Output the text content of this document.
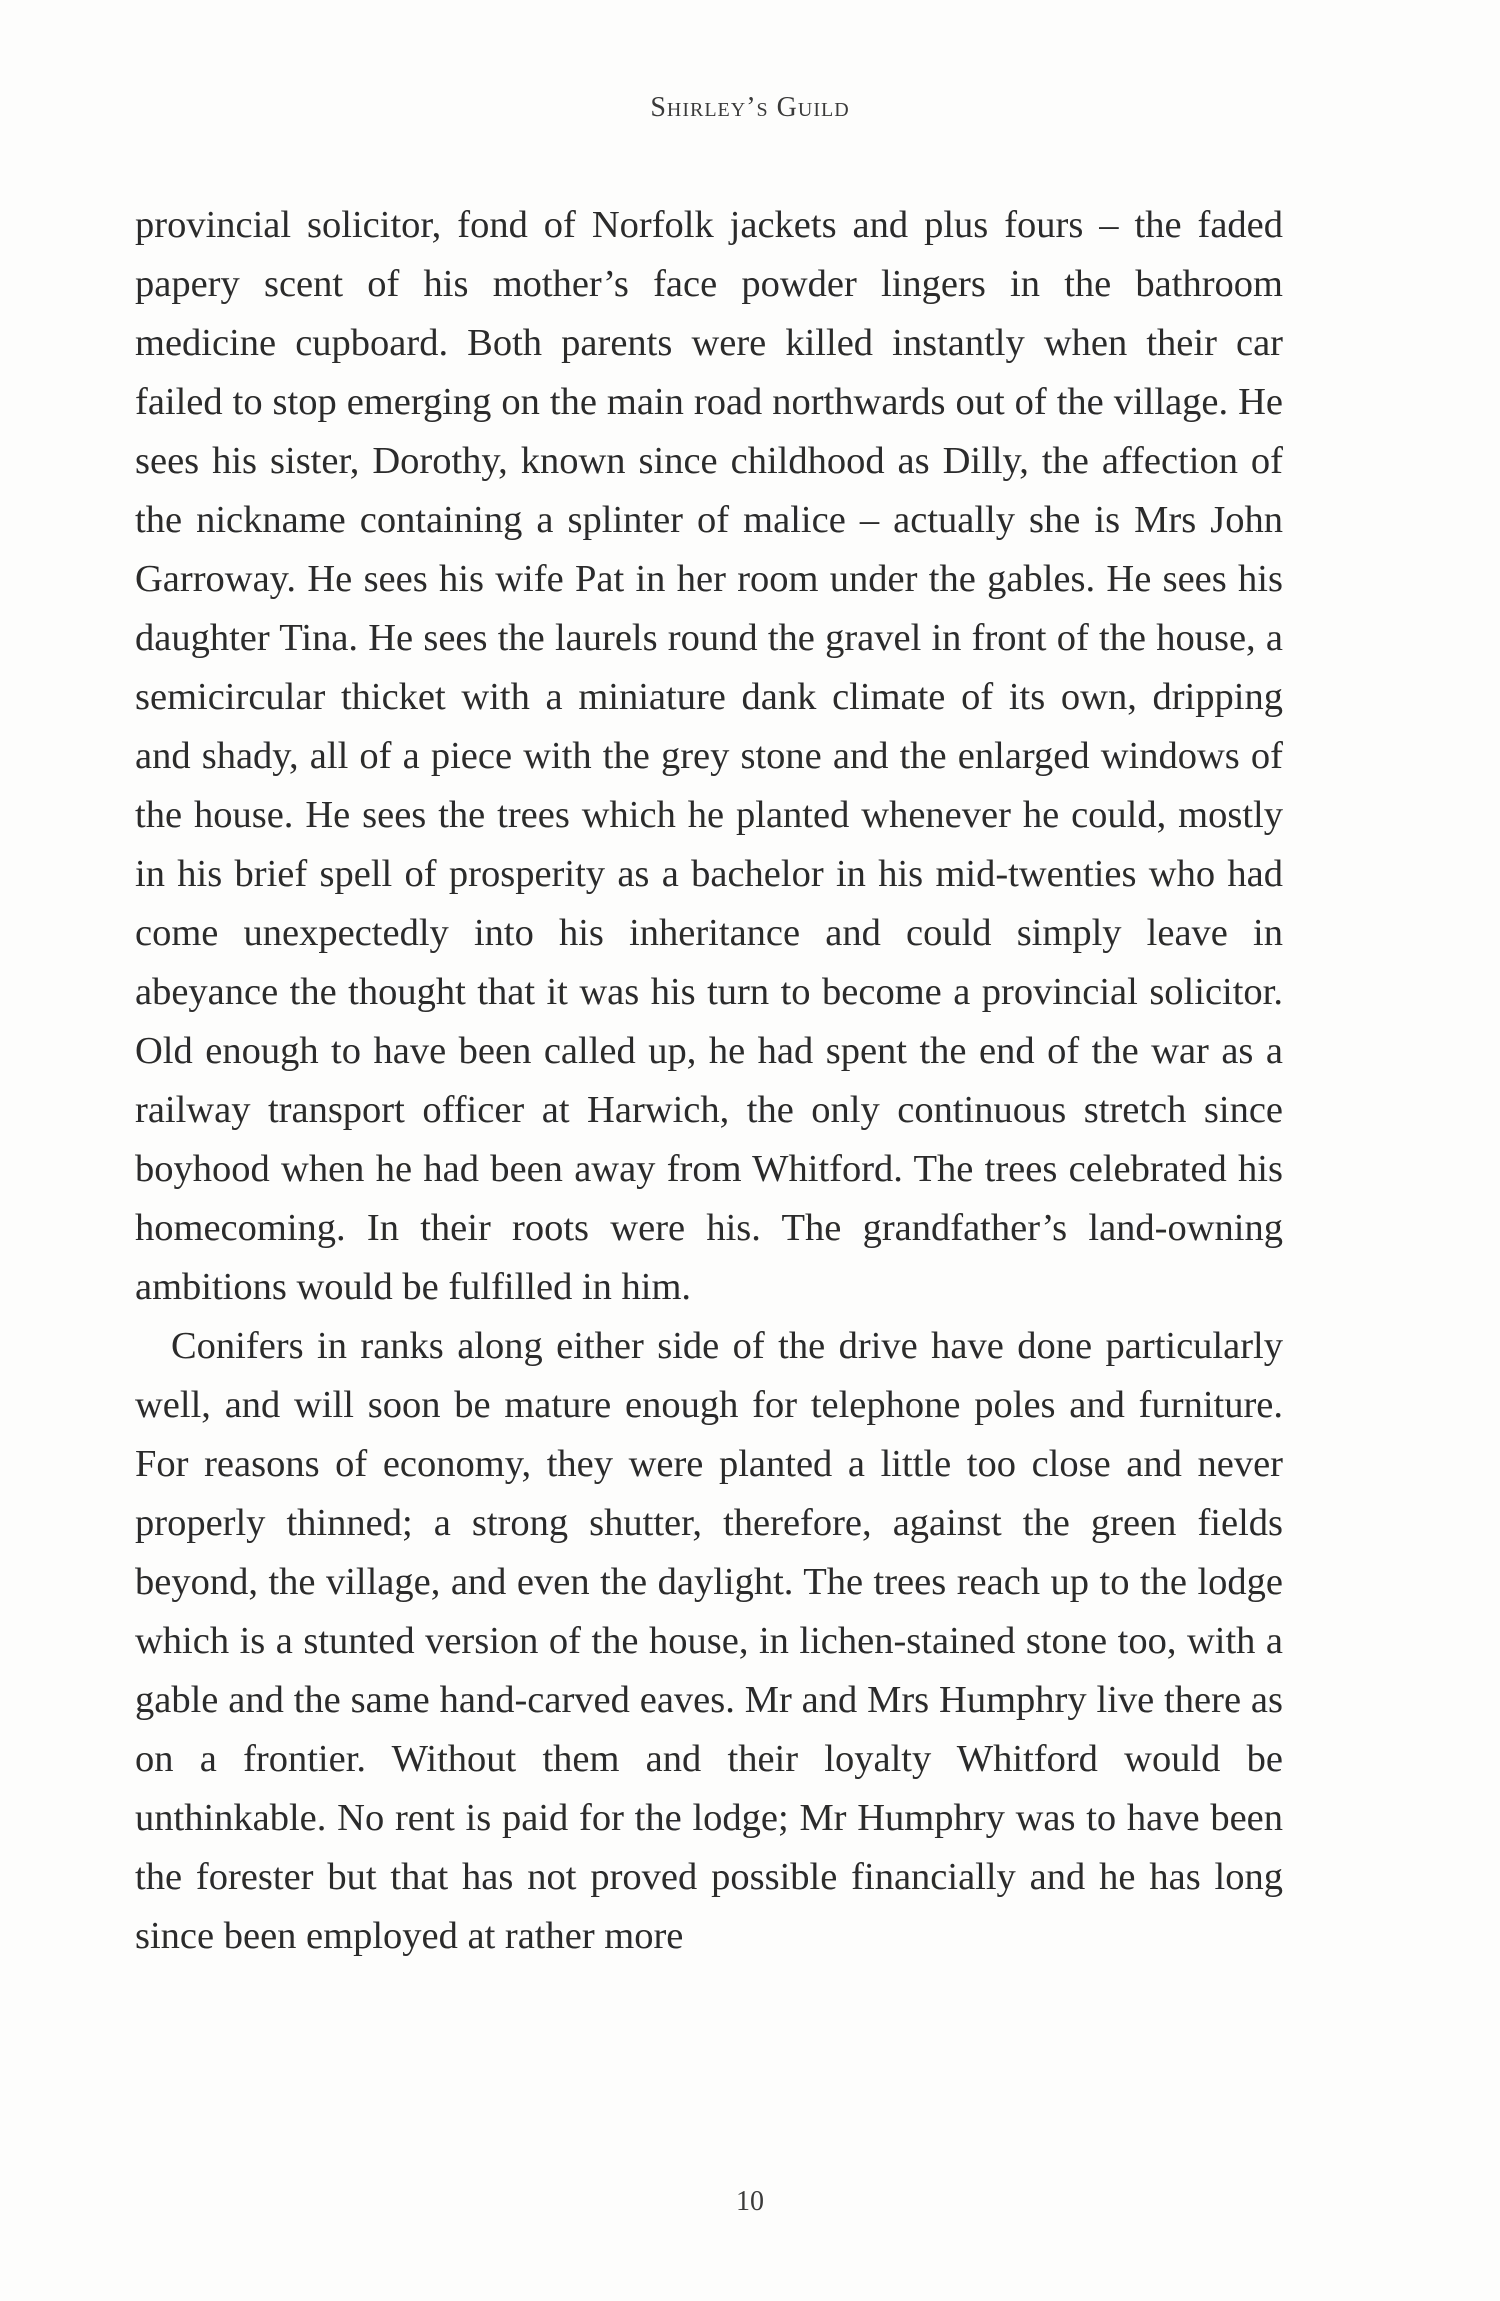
Shirley’s Guild

provincial solicitor, fond of Norfolk jackets and plus fours – the faded papery scent of his mother’s face powder lingers in the bathroom medicine cupboard. Both parents were killed instantly when their car failed to stop emerging on the main road northwards out of the village. He sees his sister, Dorothy, known since childhood as Dilly, the affection of the nickname containing a splinter of malice – actually she is Mrs John Garroway. He sees his wife Pat in her room under the gables. He sees his daughter Tina. He sees the laurels round the gravel in front of the house, a semicircular thicket with a miniature dank climate of its own, dripping and shady, all of a piece with the grey stone and the enlarged windows of the house. He sees the trees which he planted whenever he could, mostly in his brief spell of prosperity as a bachelor in his mid-twenties who had come unexpectedly into his inheritance and could simply leave in abeyance the thought that it was his turn to become a provincial solicitor. Old enough to have been called up, he had spent the end of the war as a railway transport officer at Harwich, the only continuous stretch since boyhood when he had been away from Whitford. The trees celebrated his homecoming. In their roots were his. The grandfather’s land-owning ambitions would be fulfilled in him.

Conifers in ranks along either side of the drive have done particularly well, and will soon be mature enough for telephone poles and furniture. For reasons of economy, they were planted a little too close and never properly thinned; a strong shutter, therefore, against the green fields beyond, the village, and even the daylight. The trees reach up to the lodge which is a stunted version of the house, in lichen-stained stone too, with a gable and the same hand-carved eaves. Mr and Mrs Humphry live there as on a frontier. Without them and their loyalty Whitford would be unthinkable. No rent is paid for the lodge; Mr Humphry was to have been the forester but that has not proved possible financially and he has long since been employed at rather more

10
